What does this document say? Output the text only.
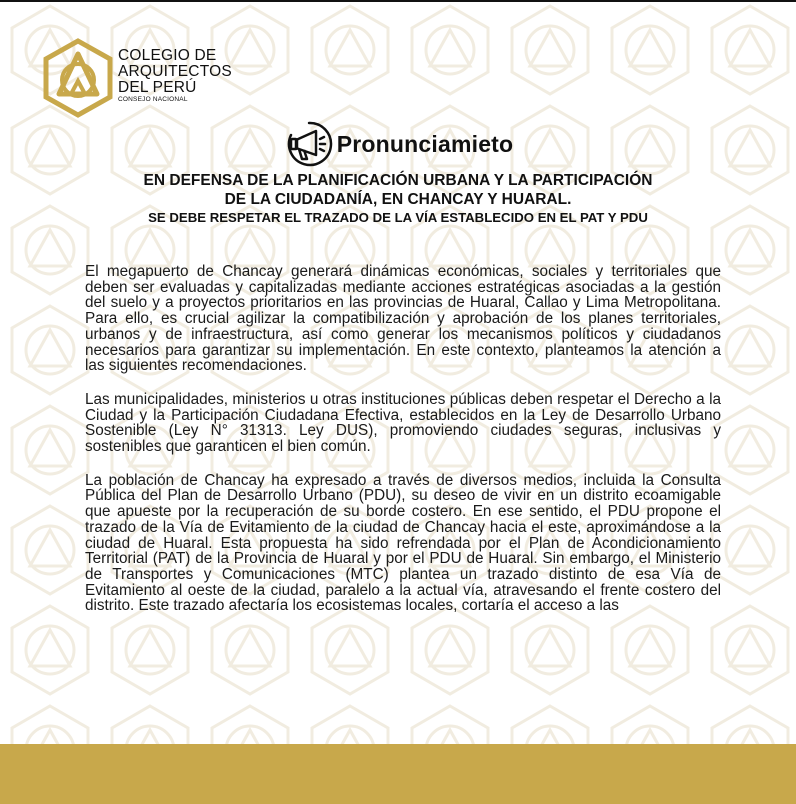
COLEGIO DE
ARQUITECTOS
DEL PERÚ
CONSEJO NACIONAL
Pronunciamieto
EN DEFENSA DE LA PLANIFICACIÓN URBANA Y LA PARTICIPACIÓN
DE LA CIUDADANÍA, EN CHANCAY Y HUARAL.
SE DEBE RESPETAR EL TRAZADO DE LA VÍA ESTABLECIDO EN EL PAT Y PDU

El megapuerto de Chancay generará dinámicas económicas, sociales y territoriales que deben ser evaluadas y capitalizadas mediante acciones estratégicas asociadas a la gestión del suelo y a proyectos prioritarios en las provincias de Huaral, Callao y Lima Metropolitana. Para ello, es crucial agilizar la compatibilización y aprobación de los planes territoriales, urbanos y de infraestructura, así como generar los mecanismos políticos y ciudadanos necesarios para garantizar su implementación. En este contexto, planteamos la atención a las siguientes recomendaciones.

Las municipalidades, ministerios u otras instituciones públicas deben respetar el Derecho a la Ciudad y la Participación Ciudadana Efectiva, establecidos en la Ley de Desarrollo Urbano Sostenible (Ley N° 31313. Ley DUS), promoviendo ciudades seguras, inclusivas y sostenibles que garanticen el bien común.

La población de Chancay ha expresado a través de diversos medios, incluida la Consulta Pública del Plan de Desarrollo Urbano (PDU), su deseo de vivir en un distrito ecoamigable que apueste por la recuperación de su borde costero. En ese sentido, el PDU propone el trazado de la Vía de Evitamiento de la ciudad de Chancay hacia el este, aproximándose a la ciudad de Huaral. Esta propuesta ha sido refrendada por el Plan de Acondicionamiento Territorial (PAT) de la Provincia de Huaral y por el PDU de Huaral. Sin embargo, el Ministerio de Transportes y Comunicaciones (MTC) plantea un trazado distinto de esa Vía de Evitamiento al oeste de la ciudad, paralelo a la actual vía, atravesando el frente costero del distrito. Este trazado afectaría los ecosistemas locales, cortaría el acceso a las
